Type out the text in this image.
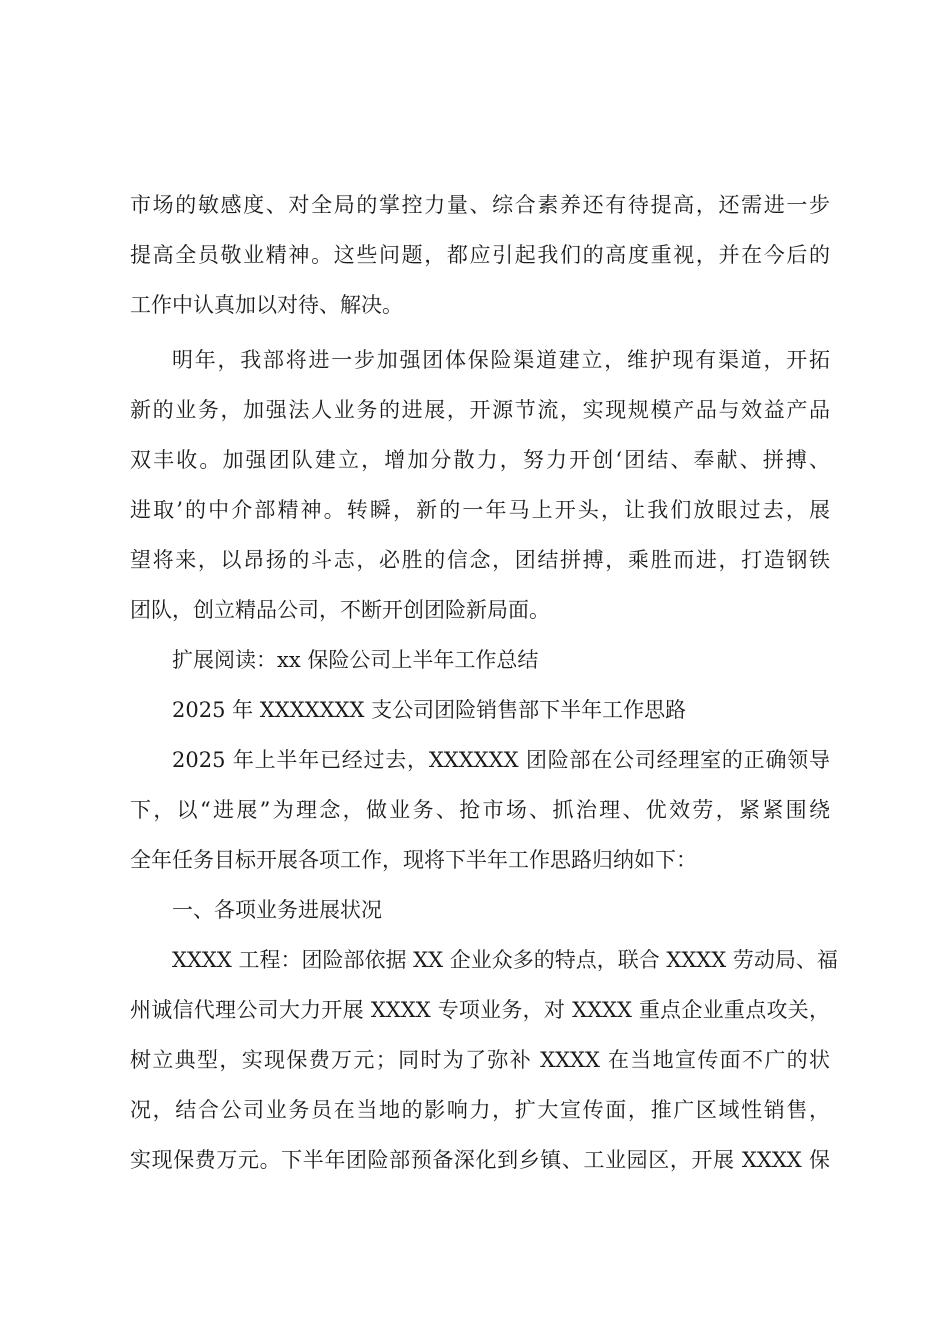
市场的敏感度、对全局的掌控力量、综合素养还有待提高，还需进一步
提高全员敬业精神。这些问题，都应引起我们的高度重视，并在今后的
工作中认真加以对待、解决。

明年，我部将进一步加强团体保险渠道建立，维护现有渠道，开拓
新的业务，加强法人业务的进展，开源节流，实现规模产品与效益产品
双丰收。加强团队建立，增加分散力，努力开创‘团结、奉献、拼搏、
进取’的中介部精神。转瞬，新的一年马上开头，让我们放眼过去，展
望将来，以昂扬的斗志，必胜的信念，团结拼搏，乘胜而进，打造钢铁
团队，创立精品公司，不断开创团险新局面。

扩展阅读：xx 保险公司上半年工作总结

2025 年 XXXXXXX 支公司团险销售部下半年工作思路

2025 年上半年已经过去，XXXXXX 团险部在公司经理室的正确领导
下，以“进展”为理念，做业务、抢市场、抓治理、优效劳，紧紧围绕
全年任务目标开展各项工作，现将下半年工作思路归纳如下：

一、各项业务进展状况

XXXX 工程：团险部依据 XX 企业众多的特点，联合 XXXX 劳动局、福
州诚信代理公司大力开展 XXXX 专项业务，对 XXXX 重点企业重点攻关，
树立典型，实现保费万元；同时为了弥补 XXXX 在当地宣传面不广的状
况，结合公司业务员在当地的影响力，扩大宣传面，推广区域性销售，
实现保费万元。下半年团险部预备深化到乡镇、工业园区，开展 XXXX 保
